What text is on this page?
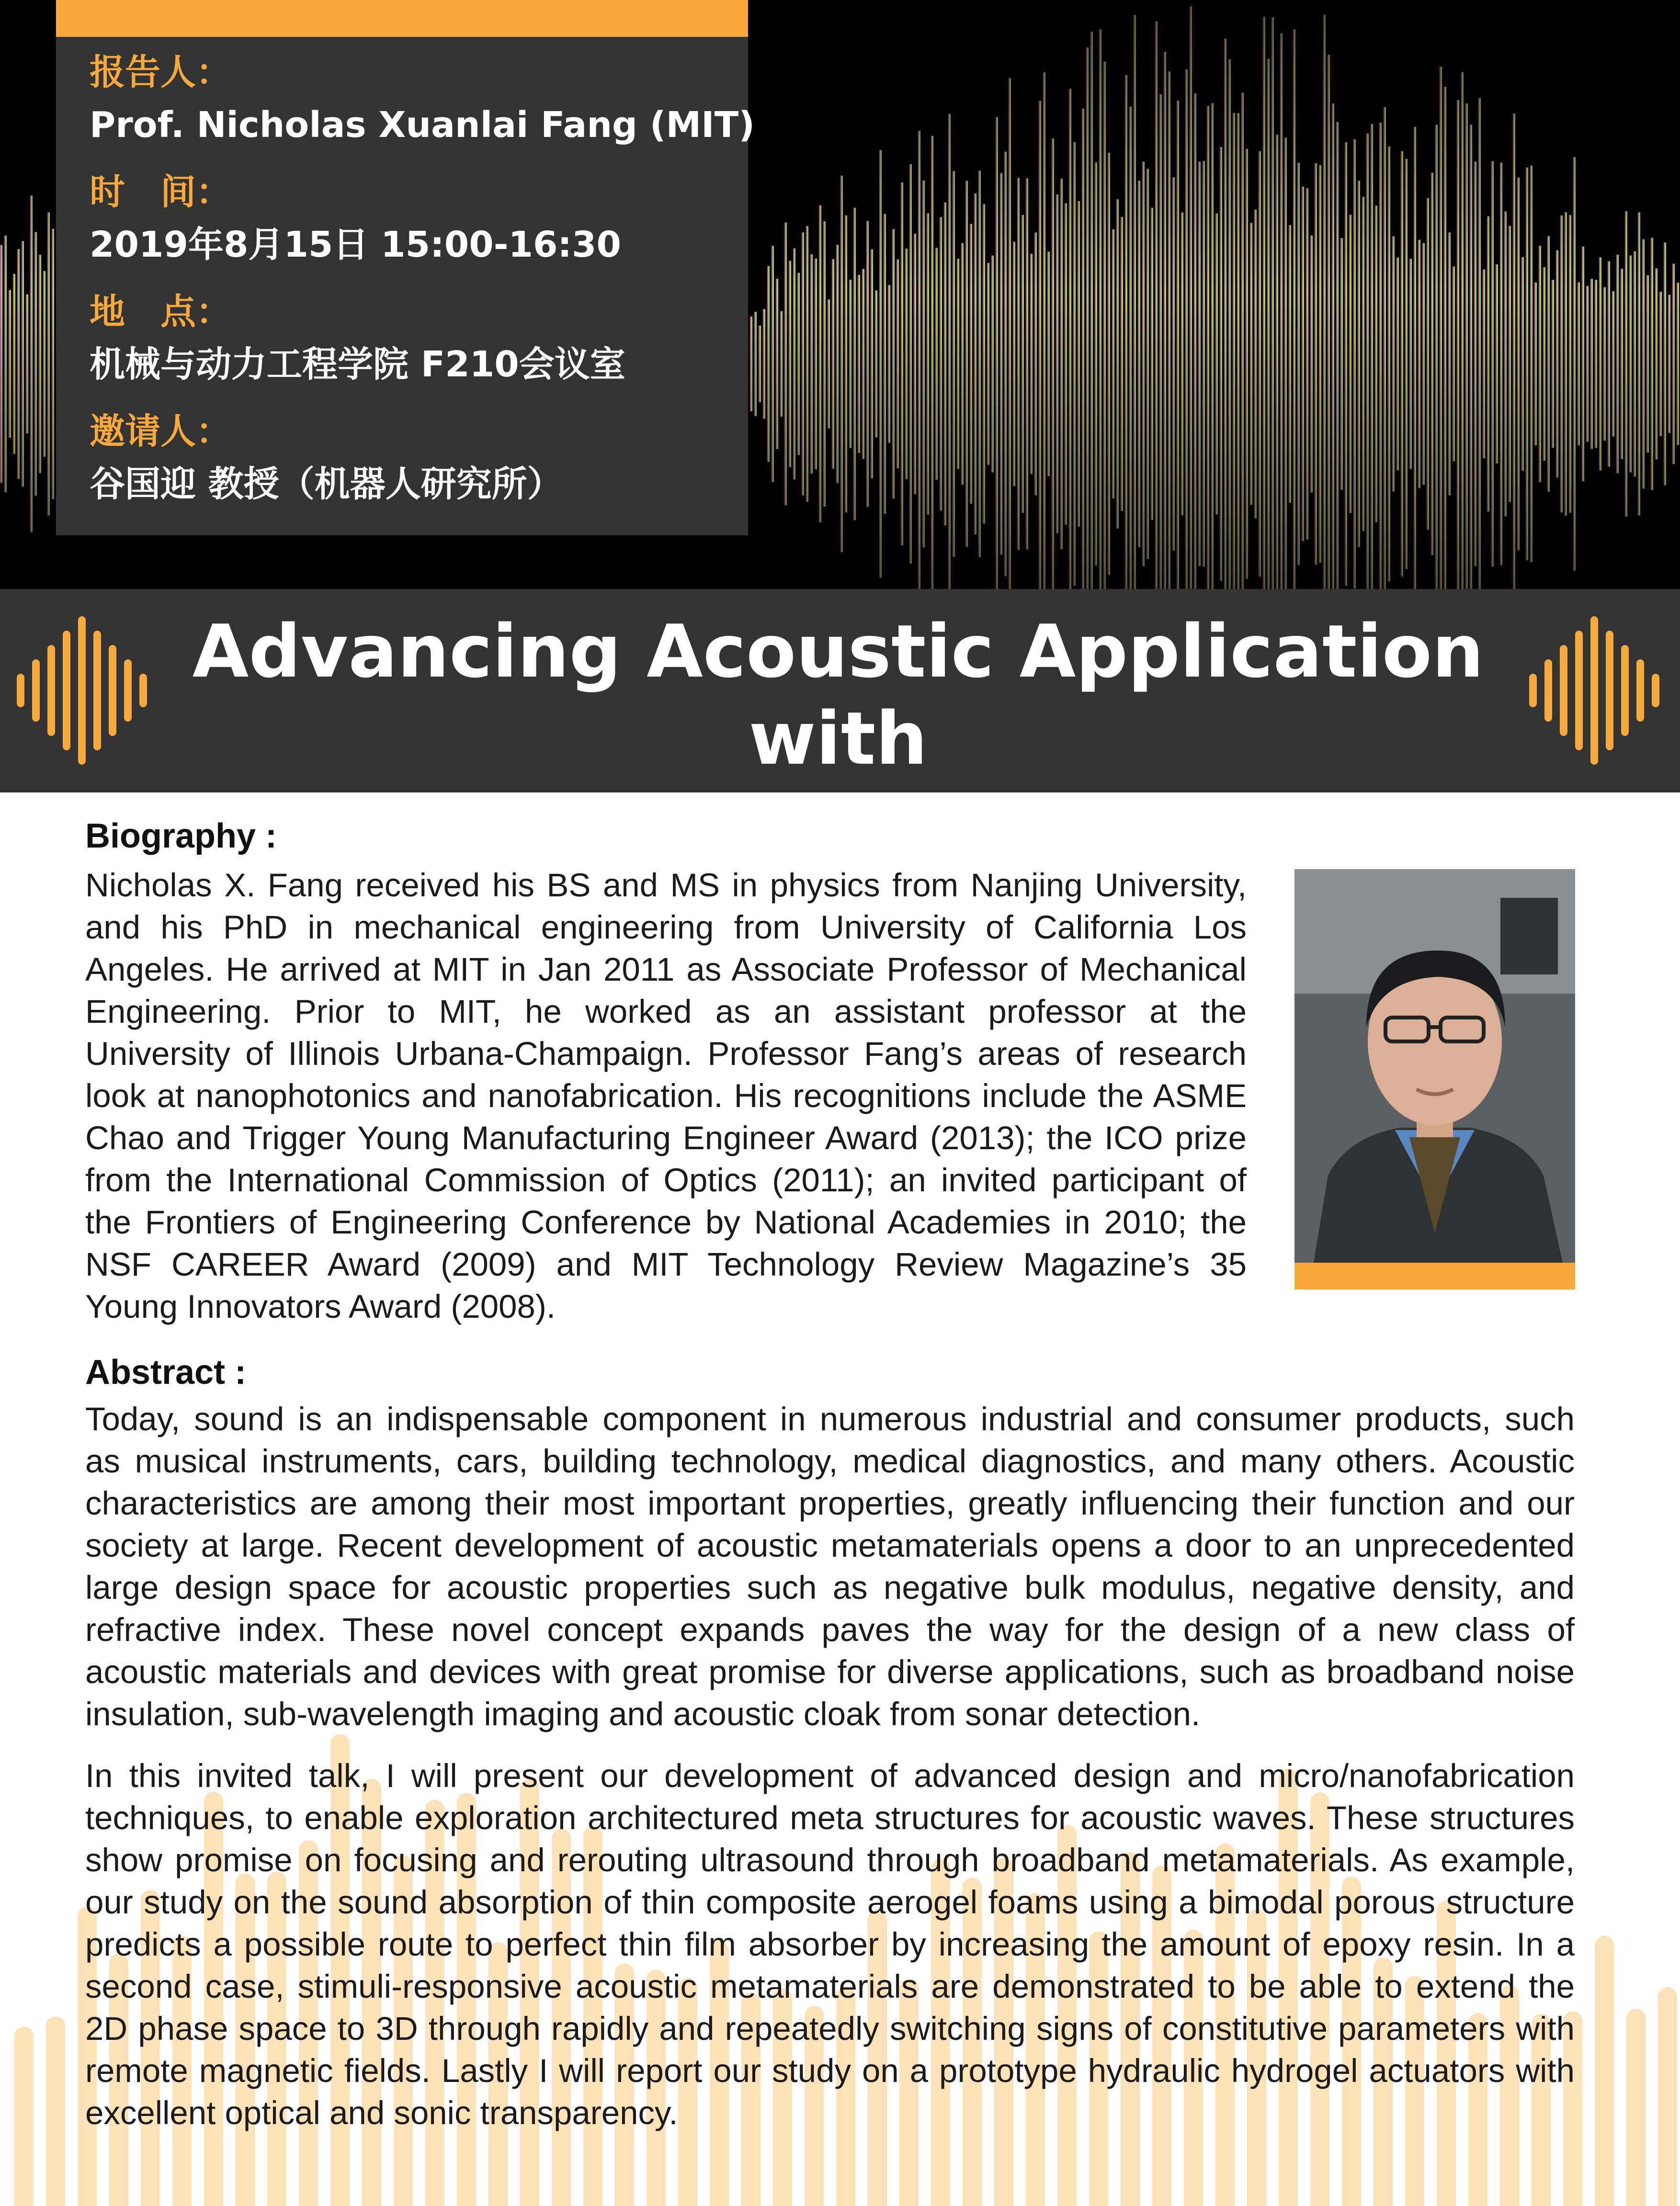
报告人：
Prof. Nicholas Xuanlai Fang (MIT)
时　间：
2019年8月15日 15:00-16:30
地　点：
机械与动力工程学院 F210会议室
邀请人：
谷国迎 教授（机器人研究所）
Advancing Acoustic Application with
Architectured Metamaterials
Biography :
Nicholas X. Fang received his BS and MS in physics from Nanjing University,
and his PhD in mechanical engineering from University of California Los
Angeles. He arrived at MIT in Jan 2011 as Associate Professor of Mechanical
Engineering. Prior to MIT, he worked as an assistant professor at the
University of Illinois Urbana-Champaign. Professor Fang’s areas of research
look at nanophotonics and nanofabrication. His recognitions include the ASME
Chao and Trigger Young Manufacturing Engineer Award (2013); the ICO prize
from the International Commission of Optics (2011); an invited participant of
the Frontiers of Engineering Conference by National Academies in 2010; the
NSF CAREER Award (2009) and MIT Technology Review Magazine’s 35
Young Innovators Award (2008).
Abstract :
Today, sound is an indispensable component in numerous industrial and consumer products, such
as musical instruments, cars, building technology, medical diagnostics, and many others. Acoustic
characteristics are among their most important properties, greatly influencing their function and our
society at large. Recent development of acoustic metamaterials opens a door to an unprecedented
large design space for acoustic properties such as negative bulk modulus, negative density, and
refractive index. These novel concept expands paves the way for the design of a new class of
acoustic materials and devices with great promise for diverse applications, such as broadband noise
insulation, sub-wavelength imaging and acoustic cloak from sonar detection.
In this invited talk, I will present our development of advanced design and micro/nanofabrication
techniques, to enable exploration architectured meta structures for acoustic waves. These structures
show promise on focusing and rerouting ultrasound through broadband metamaterials. As example,
our study on the sound absorption of thin composite aerogel foams using a bimodal porous structure
predicts a possible route to perfect thin film absorber by increasing the amount of epoxy resin. In a
second case, stimuli‐responsive acoustic metamaterials are demonstrated to be able to extend the
2D phase space to 3D through rapidly and repeatedly switching signs of constitutive parameters with
remote magnetic fields. Lastly I will report our study on a prototype hydraulic hydrogel actuators with
excellent optical and sonic transparency.
